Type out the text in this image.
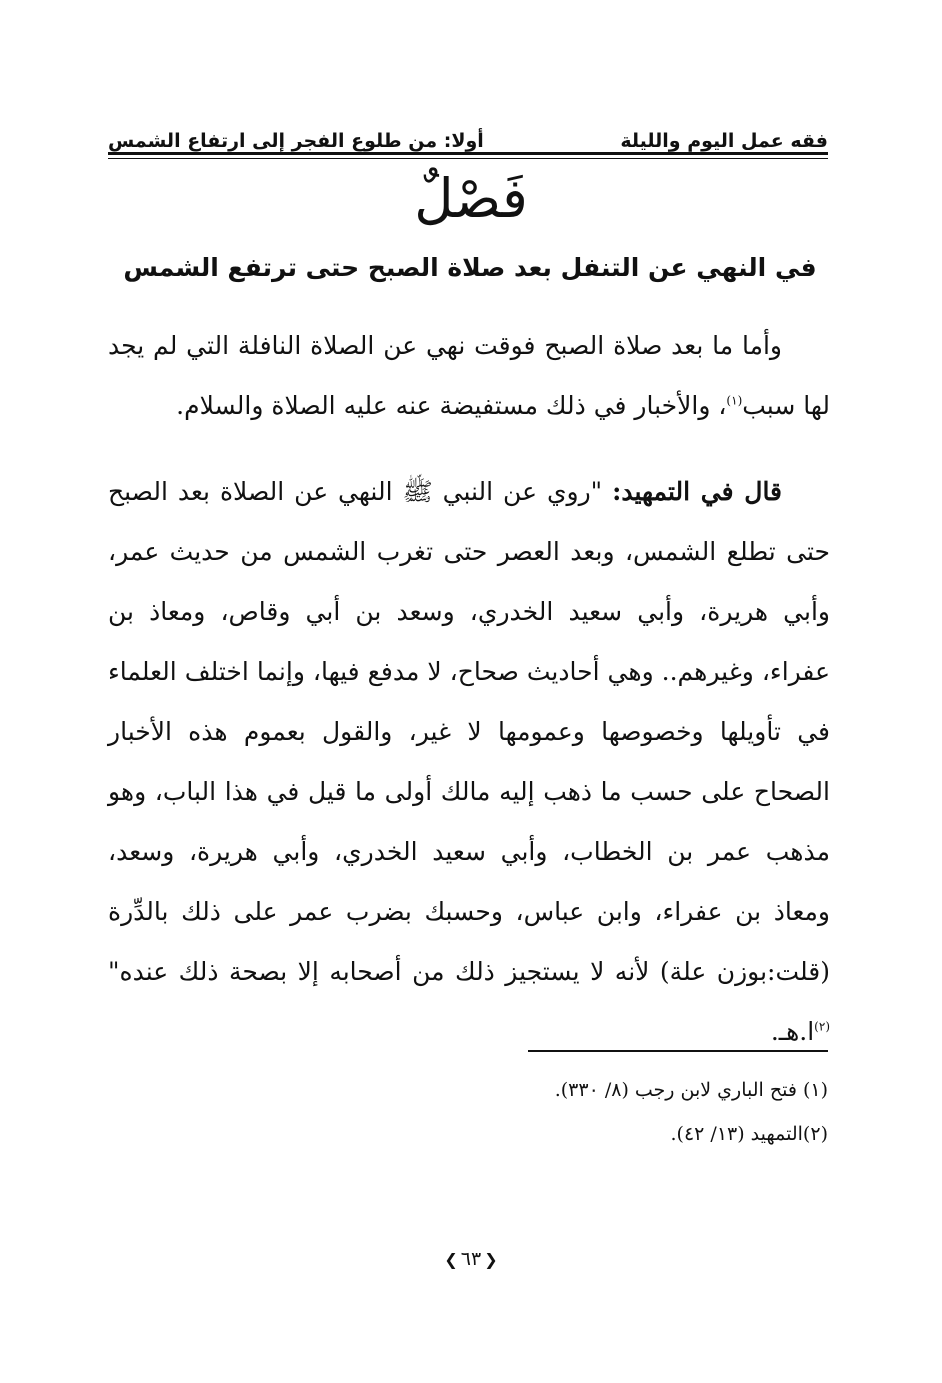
فقه عمل اليوم والليلة
أولا: من طلوع الفجر إلى ارتفاع الشمس
فَصْلٌ
في النهي عن التنفل بعد صلاة الصبح حتى ترتفع الشمس
وأما ما بعد صلاة الصبح فوقت نهي عن الصلاة النافلة التي لم يجد لها سبب$^{(١)}$، والأخبار في ذلك مستفيضة عنه عليه الصلاة والسلام.
قال في التمهيد: "روي عن النبي ﷺ النهي عن الصلاة بعد الصبح حتى تطلع الشمس، وبعد العصر حتى تغرب الشمس من حديث عمر، وأبي هريرة، وأبي سعيد الخدري، وسعد بن أبي وقاص، ومعاذ بن عفراء، وغيرهم.. وهي أحاديث صحاح، لا مدفع فيها، وإنما اختلف العلماء في تأويلها وخصوصها وعمومها لا غير، والقول بعموم هذه الأخبار الصحاح على حسب ما ذهب إليه مالك أولى ما قيل في هذا الباب، وهو مذهب عمر بن الخطاب، وأبي سعيد الخدري، وأبي هريرة، وسعد، ومعاذ بن عفراء، وابن عباس، وحسبك بضرب عمر على ذلك بالدِّرة (قلت:بوزن علة) لأنه لا يستجيز ذلك من أصحابه إلا بصحة ذلك عنده"$^{(٢)}$ا.هـ.
(١) فتح الباري لابن رجب (٨/ ٣٣٠).
(٢)التمهيد (١٣/ ٤٢).
❮ ٦٣ ❯
